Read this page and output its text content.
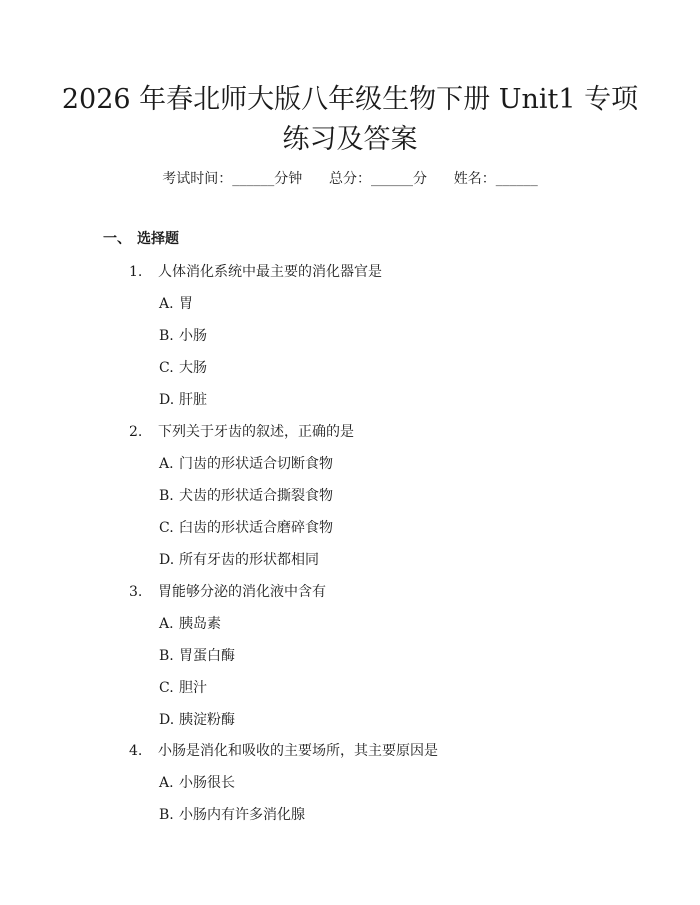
2026 年春北师大版八年级生物下册 Unit1 专项练习及答案
考试时间：______分钟      总分：______分      姓名：______
一、 选择题
1. 人体消化系统中最主要的消化器官是
A. 胃
B. 小肠
C. 大肠
D. 肝脏
2. 下列关于牙齿的叙述，正确的是
A. 门齿的形状适合切断食物
B. 犬齿的形状适合撕裂食物
C. 臼齿的形状适合磨碎食物
D. 所有牙齿的形状都相同
3. 胃能够分泌的消化液中含有
A. 胰岛素
B. 胃蛋白酶
C. 胆汁
D. 胰淀粉酶
4. 小肠是消化和吸收的主要场所，其主要原因是
A. 小肠很长
B. 小肠内有许多消化腺
